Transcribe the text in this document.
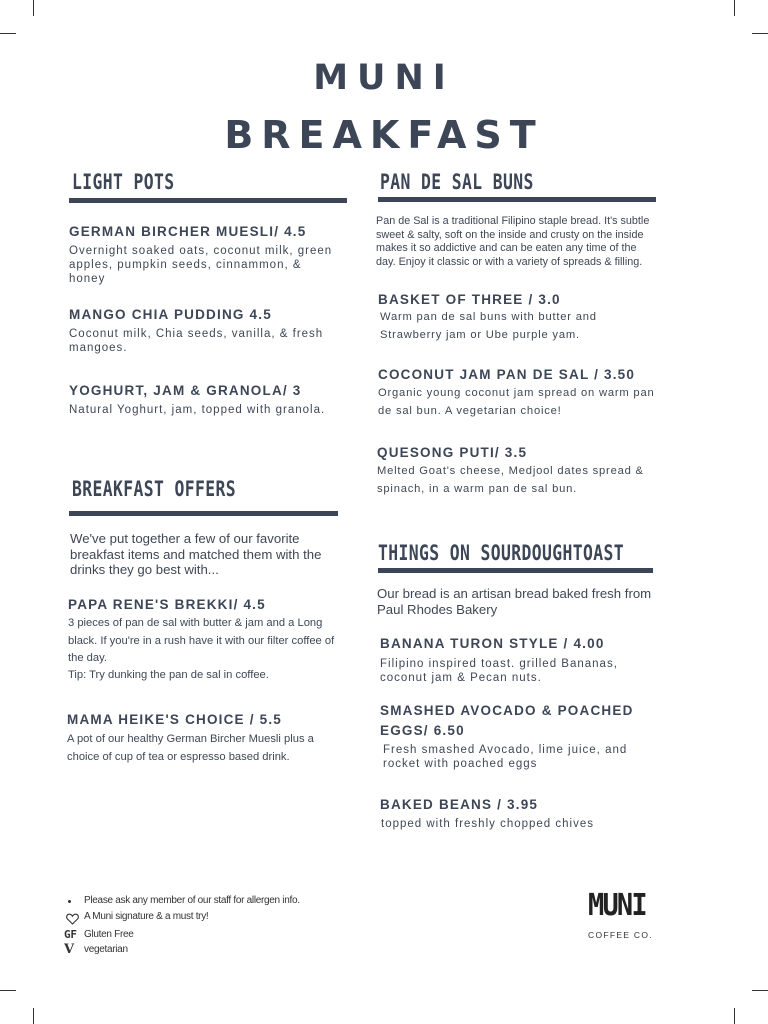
MUNI
BREAKFAST
LIGHT POTS
GERMAN BIRCHER MUESLI/ 4.5
Overnight soaked oats, coconut milk, green apples, pumpkin seeds, cinnammon, & honey
MANGO CHIA PUDDING 4.5
Coconut milk, Chia seeds, vanilla, & fresh mangoes.
YOGHURT, JAM & GRANOLA/ 3
Natural Yoghurt, jam, topped with granola.
BREAKFAST OFFERS
We've put together a few of our favorite breakfast items and matched them with the drinks they go best with...
PAPA RENE'S BREKKI/ 4.5
3 pieces of pan de sal with butter & jam and a Long black. If you're in a rush have it with our filter coffee of the day.
Tip: Try dunking the pan de sal in coffee.
MAMA HEIKE'S CHOICE / 5.5
A pot of our healthy German Bircher Muesli plus a choice of cup of tea or espresso based drink.
PAN DE SAL BUNS
Pan de Sal is a traditional Filipino staple bread. It's subtle sweet & salty, soft on the inside and crusty on the inside makes it so addictive and can be eaten any time of the day. Enjoy it classic or with a variety of spreads & filling.
BASKET OF THREE / 3.0
Warm pan de sal buns with butter and Strawberry jam or Ube purple yam.
COCONUT JAM PAN DE SAL / 3.50
Organic young coconut jam spread on warm pan de sal bun. A vegetarian choice!
QUESONG PUTI/ 3.5
Melted Goat's cheese, Medjool dates spread & spinach, in a warm pan de sal bun.
THINGS ON SOURDOUGHTOAST
Our bread is an artisan bread baked fresh from Paul Rhodes Bakery
BANANA TURON STYLE / 4.00
Filipino inspired toast. grilled Bananas, coconut jam & Pecan nuts.
SMASHED AVOCADO & POACHED
EGGS/ 6.50
Fresh smashed Avocado, lime juice, and rocket with poached eggs
BAKED BEANS / 3.95
topped with freshly chopped chives
Please ask any member of our staff for allergen info.
A Muni signature & a must try!
GF Gluten Free
V vegetarian
MUNI
COFFEE CO.
